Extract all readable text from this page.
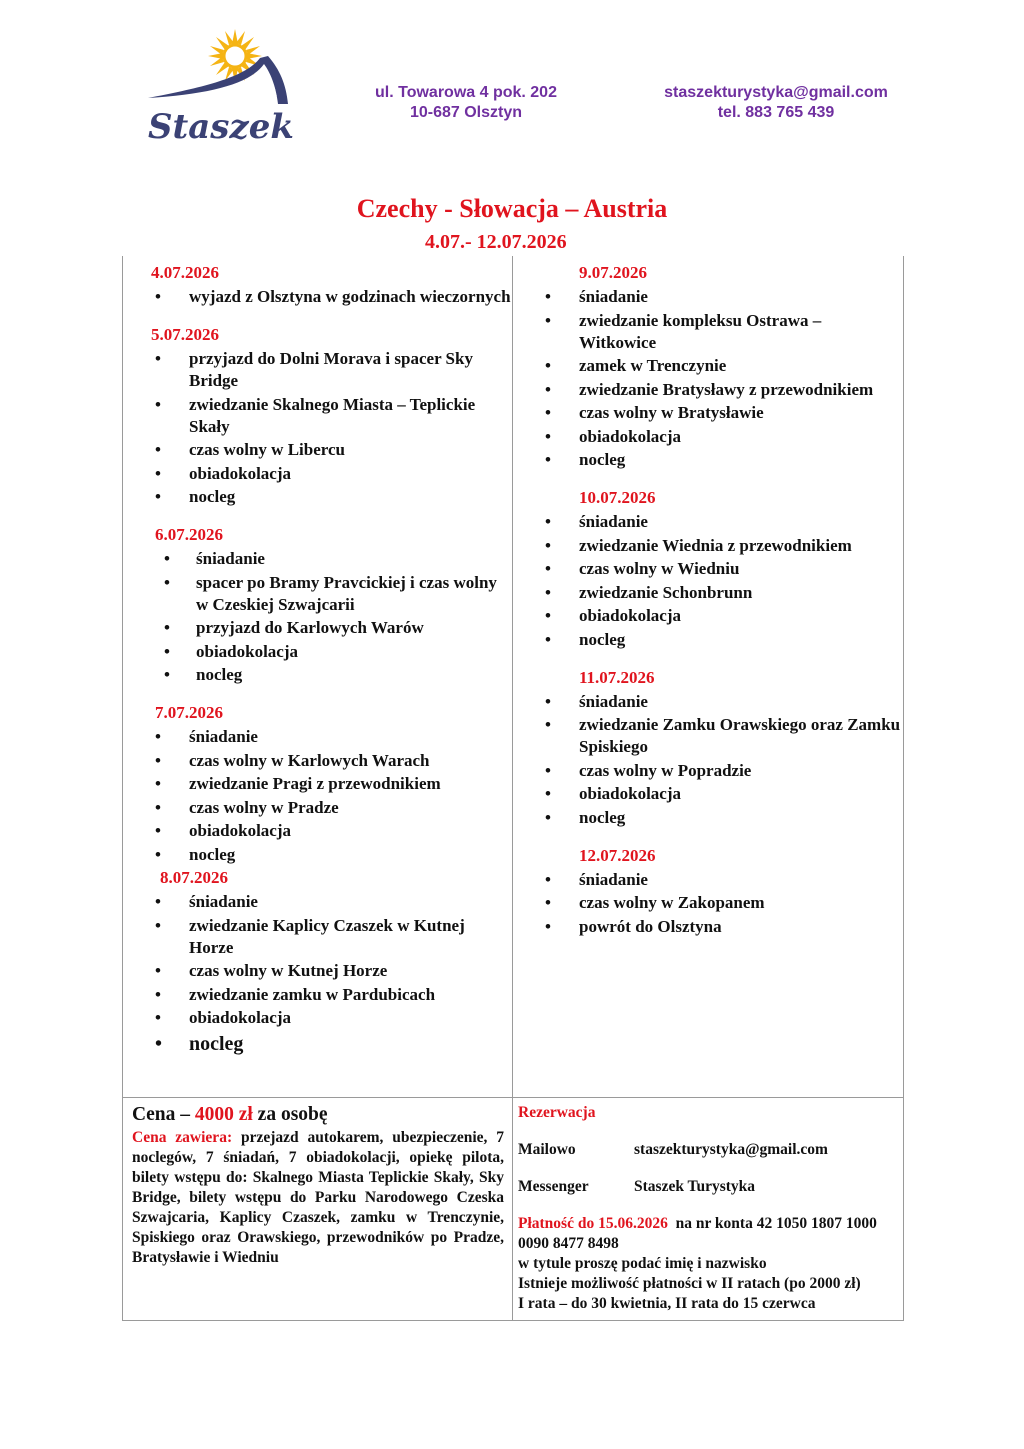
Staszek
ul. Towarowa 4 pok. 202
10-687 Olsztyn
staszekturystyka@gmail.com
tel. 883 765 439
Czechy - Słowacja – Austria
4.07.- 12.07.2026
4.07.2026
• wyjazd z Olsztyna w godzinach wieczornych
5.07.2026
• przyjazd do Dolni Morava i spacer Sky Bridge
• zwiedzanie Skalnego Miasta – Teplickie Skały
• czas wolny w Libercu
• obiadokolacja
• nocleg
6.07.2026
• śniadanie
• spacer po Bramy Pravcickiej i czas wolny w Czeskiej Szwajcarii
• przyjazd do Karlowych Warów
• obiadokolacja
• nocleg
7.07.2026
• śniadanie
• czas wolny w Karlowych Warach
• zwiedzanie Pragi z przewodnikiem
• czas wolny w Pradze
• obiadokolacja
• nocleg
8.07.2026
• śniadanie
• zwiedzanie Kaplicy Czaszek w Kutnej Horze
• czas wolny w Kutnej Horze
• zwiedzanie zamku w Pardubicach
• obiadokolacja
• nocleg
9.07.2026
• śniadanie
• zwiedzanie kompleksu Ostrawa – Witkowice
• zamek w Trenczynie
• zwiedzanie Bratysławy z przewodnikiem
• czas wolny w Bratysławie
• obiadokolacja
• nocleg
10.07.2026
• śniadanie
• zwiedzanie Wiednia z przewodnikiem
• czas wolny w Wiedniu
• zwiedzanie Schonbrunn
• obiadokolacja
• nocleg
11.07.2026
• śniadanie
• zwiedzanie Zamku Orawskiego oraz Zamku Spiskiego
• czas wolny w Popradzie
• obiadokolacja
• nocleg
12.07.2026
• śniadanie
• czas wolny w Zakopanem
• powrót do Olsztyna
Cena – 4000 zł za osobę
Cena zawiera: przejazd autokarem, ubezpieczenie, 7 noclegów, 7 śniadań, 7 obiadokolacji, opiekę pilota, bilety wstępu do: Skalnego Miasta Teplickie Skały, Sky Bridge, bilety wstępu do Parku Narodowego Czeska Szwajcaria, Kaplicy Czaszek, zamku w Trenczynie, Spiskiego oraz Orawskiego, przewodników po Pradze, Bratysławie i Wiedniu
Rezerwacja
Mailowo	staszekturystyka@gmail.com
Messenger	Staszek Turystyka
Płatność do 15.06.2026  na nr konta 42 1050 1807 1000 0090 8477 8498
w tytule proszę podać imię i nazwisko
Istnieje możliwość płatności w II ratach (po 2000 zł)
I rata – do 30 kwietnia, II rata do 15 czerwca
